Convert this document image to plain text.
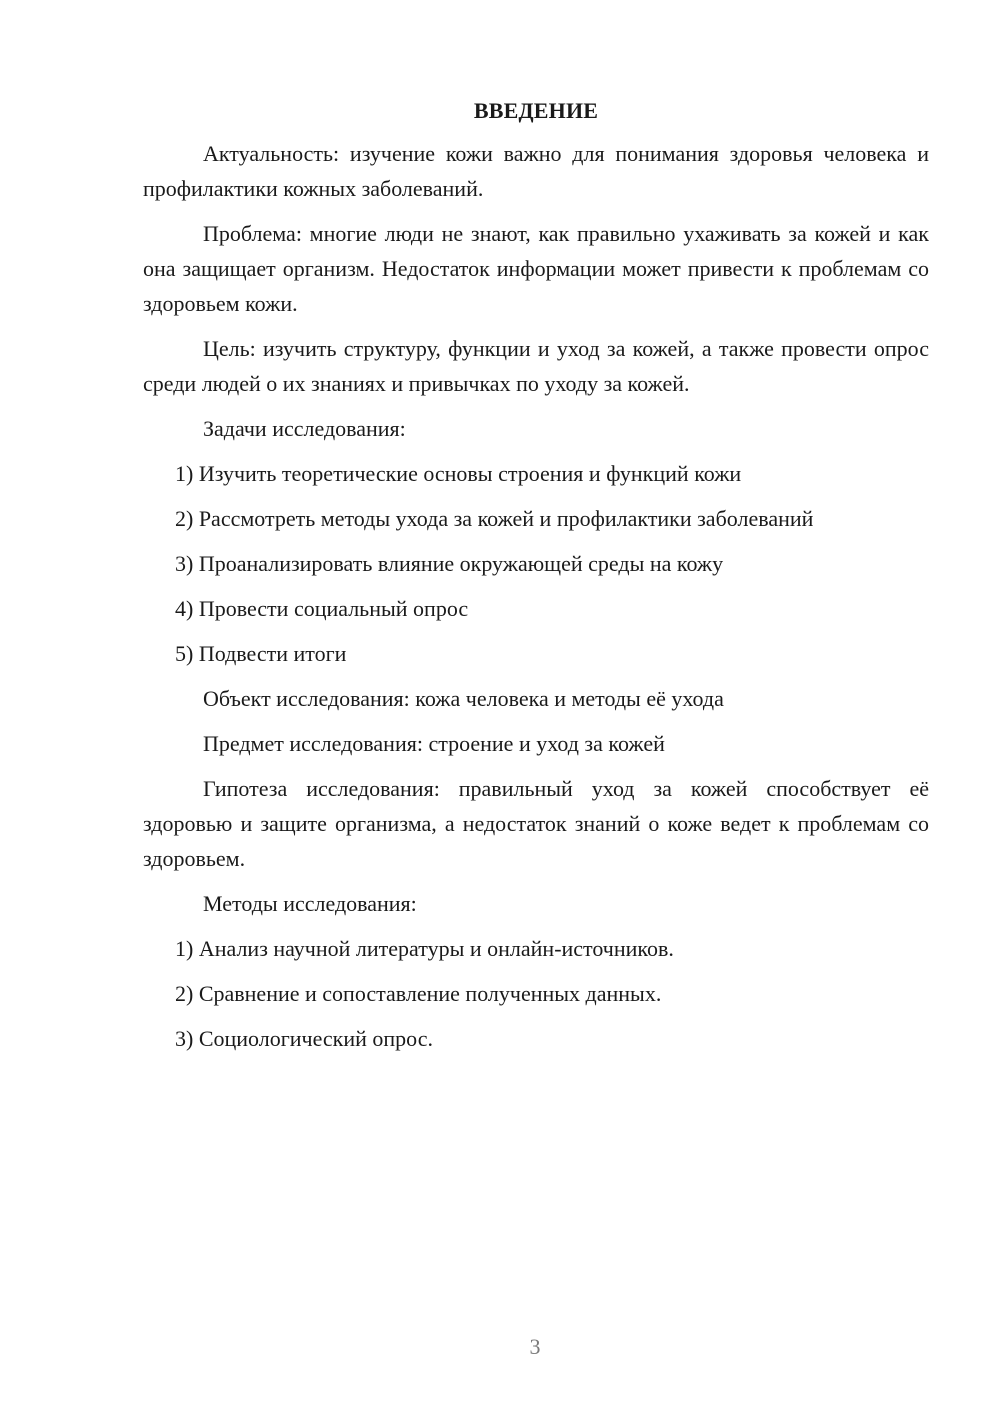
ВВЕДЕНИЕ

Актуальность: изучение кожи важно для понимания здоровья человека и профилактики кожных заболеваний.

Проблема: многие люди не знают, как правильно ухаживать за кожей и как она защищает организм. Недостаток информации может привести к проблемам со здоровьем кожи.

Цель: изучить структуру, функции и уход за кожей, а также провести опрос среди людей о их знаниях и привычках по уходу за кожей.

Задачи исследования:
1) Изучить теоретические основы строения и функций кожи
2) Рассмотреть методы ухода за кожей и профилактики заболеваний
3) Проанализировать влияние окружающей среды на кожу
4) Провести социальный опрос
5) Подвести итоги
Объект исследования: кожа человека и методы её ухода
Предмет исследования: строение и уход за кожей

Гипотеза исследования: правильный уход за кожей способствует её здоровью и защите организма, а недостаток знаний о коже ведет к проблемам со здоровьем.

Методы исследования:
1) Анализ научной литературы и онлайн-источников.
2) Сравнение и сопоставление полученных данных.
3) Социологический опрос.
3
